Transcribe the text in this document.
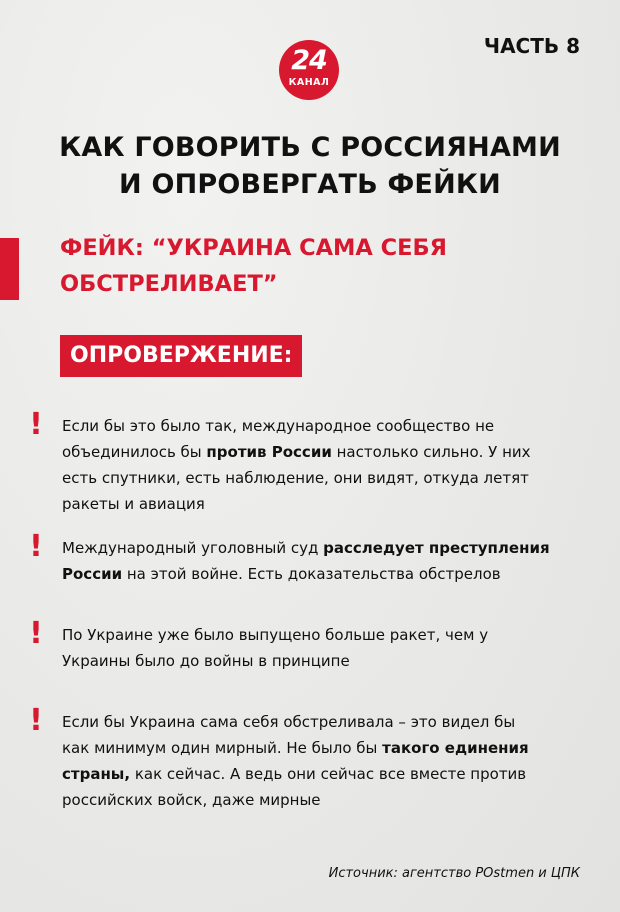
24
КАНАЛ
ЧАСТЬ 8
КАК ГОВОРИТЬ С РОССИЯНАМИ
И ОПРОВЕРГАТЬ ФЕЙКИ
ФЕЙК: “УКРАИНА САМА СЕБЯ
ОБСТРЕЛИВАЕТ”
ОПРОВЕРЖЕНИЕ:
! Если бы это было так, международное сообщество не
объединилось бы против России настолько сильно. У них
есть спутники, есть наблюдение, они видят, откуда летят
ракеты и авиация
! Международный уголовный суд расследует преступления
России на этой войне. Есть доказательства обстрелов
! По Украине уже было выпущено больше ракет, чем у
Украины было до войны в принципе
! Если бы Украина сама себя обстреливала – это видел бы
как минимум один мирный. Не было бы такого единения
страны, как сейчас. А ведь они сейчас все вместе против
российских войск, даже мирные
Источник: агентство POstmen и ЦПК
